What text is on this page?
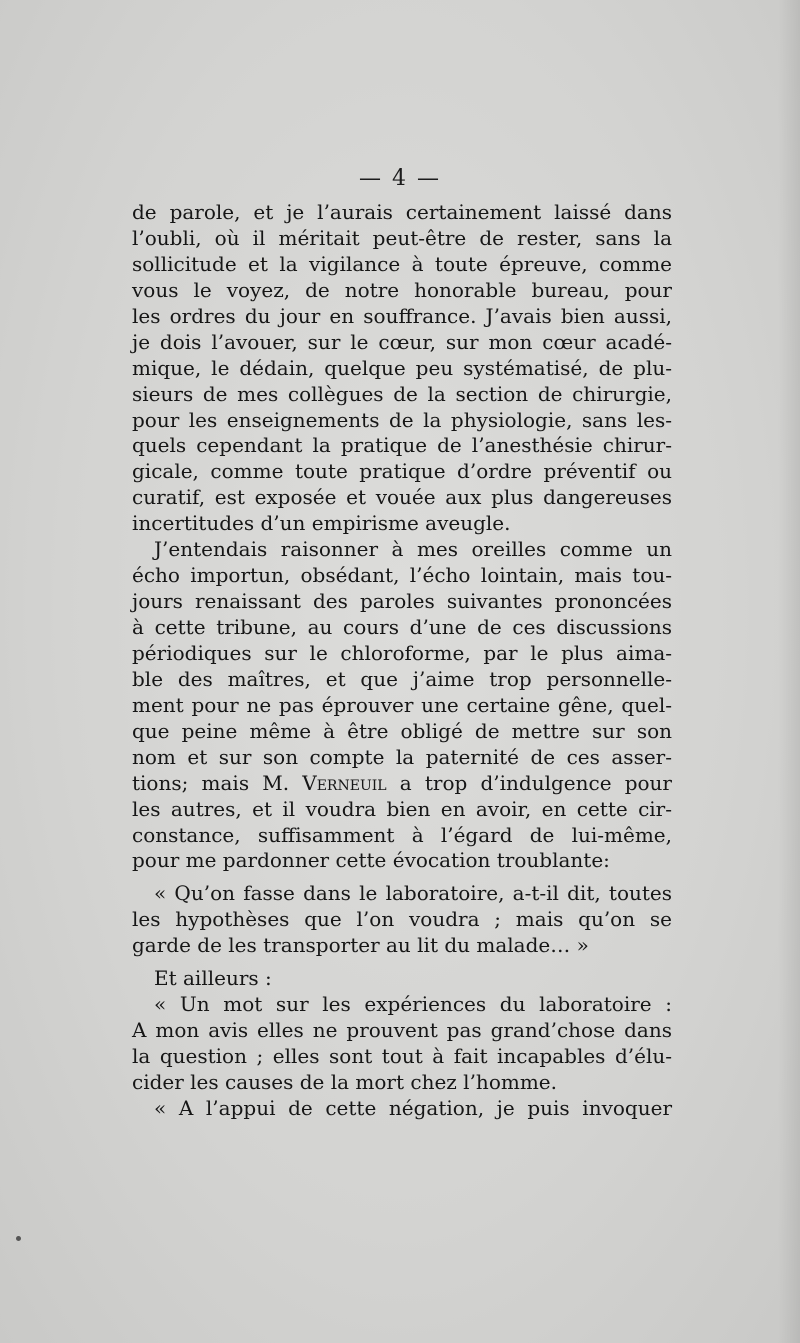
— 4 —
de parole, et je l’aurais certainement laissé dans
l’oubli, où il méritait peut-être de rester, sans la
sollicitude et la vigilance à toute épreuve, comme
vous le voyez, de notre honorable bureau, pour
les ordres du jour en souffrance. J’avais bien aussi,
je dois l’avouer, sur le cœur, sur mon cœur acadé-
mique, le dédain, quelque peu systématisé, de plu-
sieurs de mes collègues de la section de chirurgie,
pour les enseignements de la physiologie, sans les-
quels cependant la pratique de l’anesthésie chirur-
gicale, comme toute pratique d’ordre préventif ou
curatif, est exposée et vouée aux plus dangereuses
incertitudes d’un empirisme aveugle.
J’entendais raisonner à mes oreilles comme un
écho importun, obsédant, l’écho lointain, mais tou-
jours renaissant des paroles suivantes prononcées
à cette tribune, au cours d’une de ces discussions
périodiques sur le chloroforme, par le plus aima-
ble des maîtres, et que j’aime trop personnelle-
ment pour ne pas éprouver une certaine gêne, quel-
que peine même à être obligé de mettre sur son
nom et sur son compte la paternité de ces asser-
tions; mais M. Verneuil a trop d’indulgence pour
les autres, et il voudra bien en avoir, en cette cir-
constance, suffisamment à l’égard de lui-même,
pour me pardonner cette évocation troublante:
« Qu’on fasse dans le laboratoire, a-t-il dit, toutes
les hypothèses que l’on voudra ; mais qu’on se
garde de les transporter au lit du malade… »
Et ailleurs :
« Un mot sur les expériences du laboratoire :
A mon avis elles ne prouvent pas grand’chose dans
la question ; elles sont tout à fait incapables d’élu-
cider les causes de la mort chez l’homme.
« A l’appui de cette négation, je puis invoquer
